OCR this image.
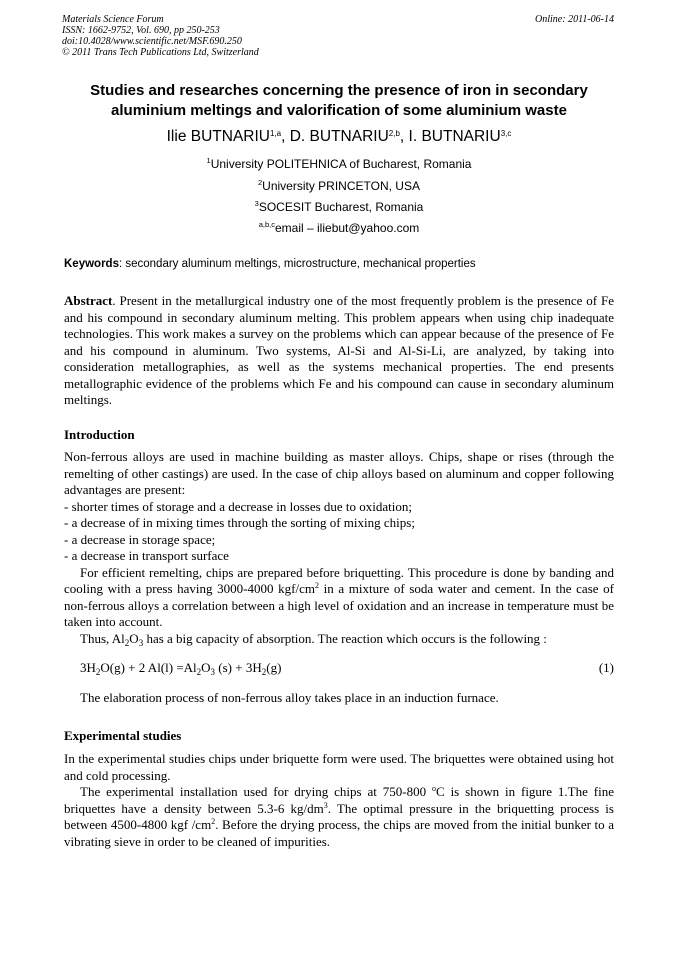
Materials Science Forum
ISSN: 1662-9752, Vol. 690, pp 250-253
doi:10.4028/www.scientific.net/MSF.690.250
© 2011 Trans Tech Publications Ltd, Switzerland
Online: 2011-06-14
Studies and researches concerning the presence of iron in secondary
aluminium meltings and valorification of some aluminium waste
Ilie BUTNARIU$^{1,a}$, D. BUTNARIU$^{2,b}$, I. BUTNARIU$^{3,c}$
$^1$University POLITEHNICA of Bucharest, Romania
$^2$University PRINCETON, USA
$^3$SOCESIT Bucharest, Romania
$^{a,b,c}$email – iliebut@yahoo.com
Keywords: secondary aluminum meltings, microstructure, mechanical properties
Abstract. Present in the metallurgical industry one of the most frequently problem is the presence of Fe and his compound in secondary aluminum melting. This problem appears when using chip inadequate technologies. This work makes a survey on the problems which can appear because of the presence of Fe and his compound in aluminum. Two systems, Al-Si and Al-Si-Li, are analyzed, by taking into consideration metallographies, as well as the systems mechanical properties. The end presents metallographic evidence of the problems which Fe and his compound can cause in secondary aluminum meltings.
Introduction

Non-ferrous alloys are used in machine building as master alloys. Chips, shape or rises (through the remelting of other castings) are used. In the case of chip alloys based on aluminum and copper following advantages are present:

- shorter times of storage and a decrease in losses due to oxidation;

- a decrease of in mixing times through the sorting of mixing chips;

- a decrease in storage space;

- a decrease in transport surface

For efficient remelting, chips are prepared before briquetting. This procedure is done by banding and cooling with a press having 3000-4000 kgf/$cm^2$ in a mixture of soda water and cement. In the case of non-ferrous alloys a correlation between a high level of oxidation and an increase in temperature must be taken into account.

Thus, $Al_2O_3$ has a big capacity of absorption. The reaction which occurs is the following :

$3H_2O(g) + 2$ $Al(l) =Al_2O_3$ $(s) + 3H_2(g)$	(1)
The elaboration process of non-ferrous alloy takes place in an induction furnace.
Experimental studies

In the experimental studies chips under briquette form were used. The briquettes were obtained using hot and cold processing.

The experimental installation used for drying chips at 750-800 $^o$C is shown in figure 1.The fine briquettes have a density between 5.3-6 $kg/dm^3$. The optimal pressure in the briquetting process is between 4500-4800 kgf $/cm^2$. Before the drying process, the chips are moved from the initial bunker to a vibrating sieve in order to be cleaned of impurities.
